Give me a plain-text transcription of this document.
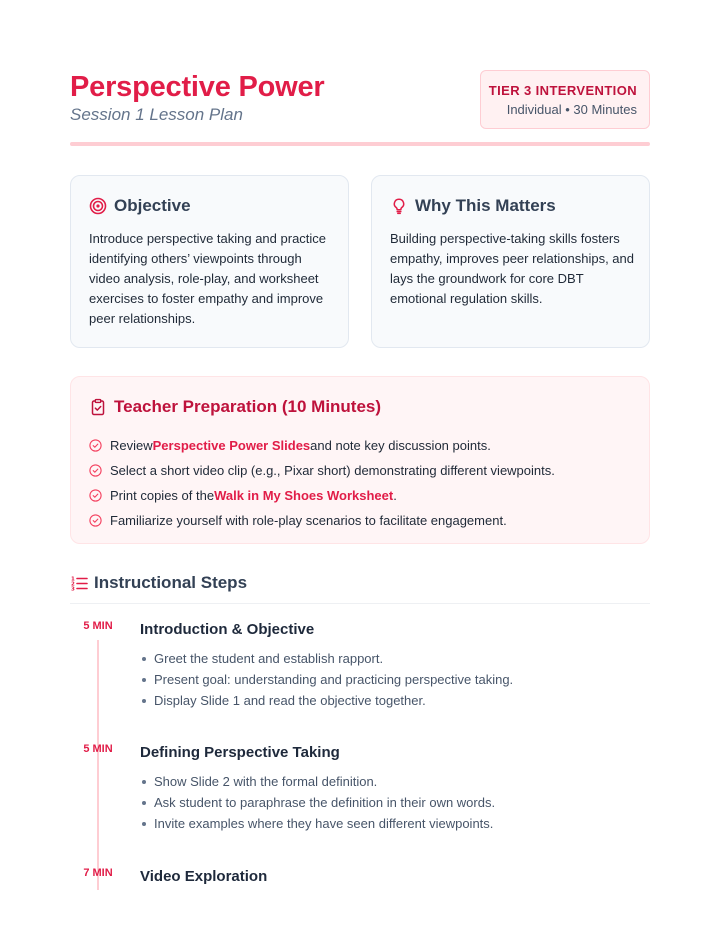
Perspective Power
Session 1 Lesson Plan
TIER 3 INTERVENTION
Individual • 30 Minutes
Objective
Introduce perspective taking and practice identifying others’ viewpoints through video analysis, role-play, and worksheet exercises to foster empathy and improve peer relationships.
Why This Matters
Building perspective-taking skills fosters empathy, improves peer relationships, and lays the groundwork for core DBT emotional regulation skills.
Teacher Preparation (10 Minutes)
Review Perspective Power Slides and note key discussion points.
Select a short video clip (e.g., Pixar short) demonstrating different viewpoints.
Print copies of the Walk in My Shoes Worksheet .
Familiarize yourself with role-play scenarios to facilitate engagement.
1
2
3 Instructional Steps
5 MIN	Introduction & Objective
Greet the student and establish rapport.
Present goal: understanding and practicing perspective taking.
Display Slide 1 and read the objective together.
5 MIN	Defining Perspective Taking
Show Slide 2 with the formal definition.
Ask student to paraphrase the definition in their own words.
Invite examples where they have seen different viewpoints.
7 MIN	Video Exploration
